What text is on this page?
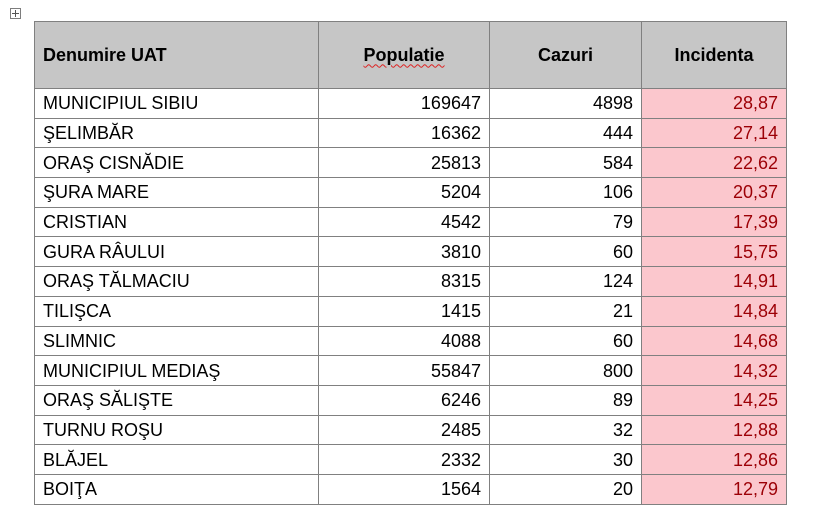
Denumire UAT	Populatie	Cazuri	Incidenta
MUNICIPIUL SIBIU	169647	4898	28,87
ŞELIMBĂR	16362	444	27,14
ORAŞ CISNĂDIE	25813	584	22,62
ŞURA MARE	5204	106	20,37
CRISTIAN	4542	79	17,39
GURA RÂULUI	3810	60	15,75
ORAŞ TĂLMACIU	8315	124	14,91
TILIŞCA	1415	21	14,84
SLIMNIC	4088	60	14,68
MUNICIPIUL MEDIAŞ	55847	800	14,32
ORAŞ SĂLIŞTE	6246	89	14,25
TURNU ROŞU	2485	32	12,88
BLĂJEL	2332	30	12,86
BOIŢA	1564	20	12,79
